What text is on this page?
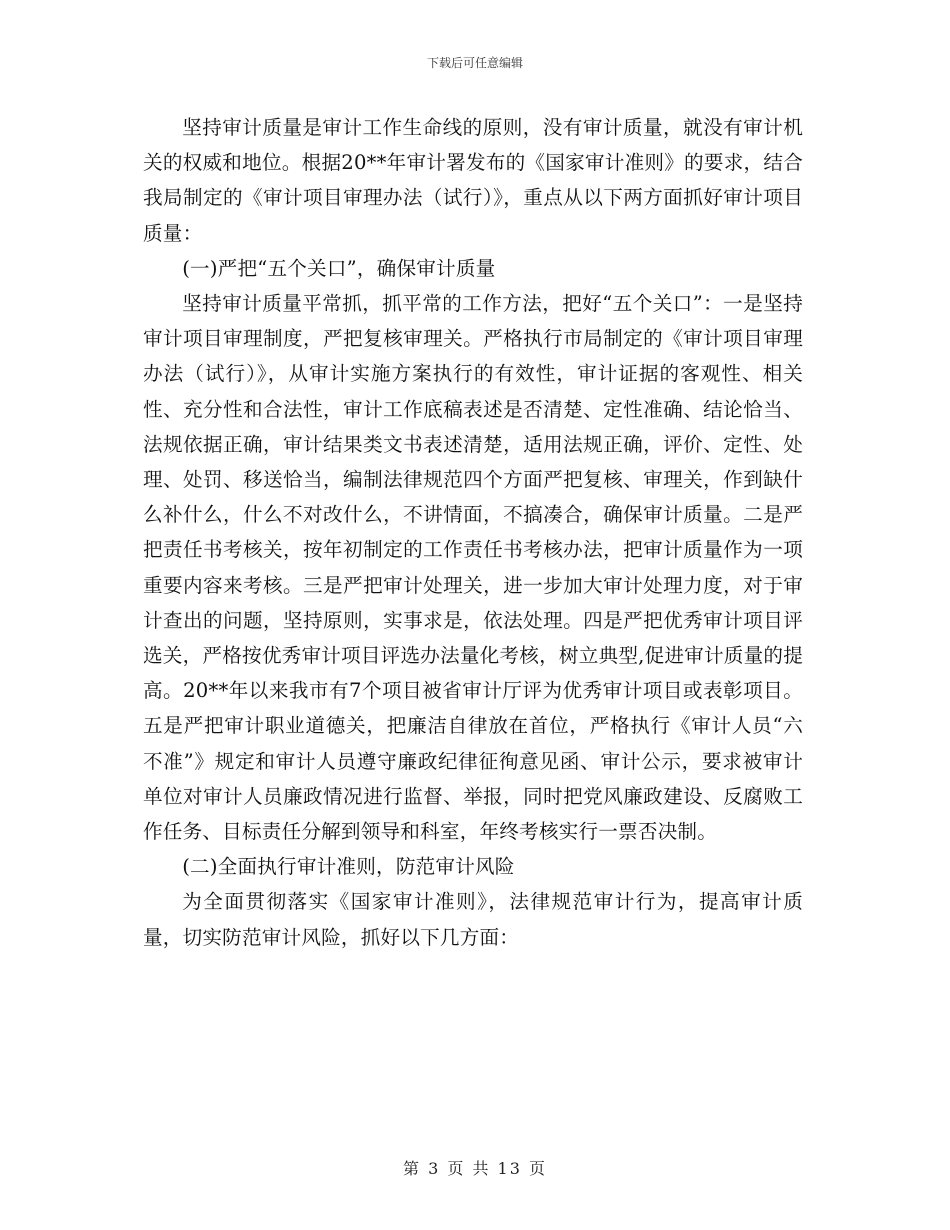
下载后可任意编辑

坚持审计质量是审计工作生命线的原则，没有审计质量，就没有审计机关的权威和地位。根据20**年审计署发布的《国家审计准则》的要求，结合我局制定的《审计项目审理办法（试行）》，重点从以下两方面抓好审计项目质量：

(一)严把“五个关口”，确保审计质量

坚持审计质量平常抓，抓平常的工作方法，把好“五个关口”：一是坚持审计项目审理制度，严把复核审理关。严格执行市局制定的《审计项目审理办法（试行）》，从审计实施方案执行的有效性，审计证据的客观性、相关性、充分性和合法性，审计工作底稿表述是否清楚、定性准确、结论恰当、法规依据正确，审计结果类文书表述清楚，适用法规正确，评价、定性、处理、处罚、移送恰当，编制法律规范四个方面严把复核、审理关，作到缺什么补什么，什么不对改什么，不讲情面，不搞凑合，确保审计质量。二是严把责任书考核关，按年初制定的工作责任书考核办法，把审计质量作为一项重要内容来考核。三是严把审计处理关，进一步加大审计处理力度，对于审计查出的问题，坚持原则，实事求是，依法处理。四是严把优秀审计项目评选关，严格按优秀审计项目评选办法量化考核，树立典型,促进审计质量的提高。20**年以来我市有7个项目被省审计厅评为优秀审计项目或表彰项目。五是严把审计职业道德关，把廉洁自律放在首位，严格执行《审计人员“六不准”》规定和审计人员遵守廉政纪律征徇意见函、审计公示，要求被审计单位对审计人员廉政情况进行监督、举报，同时把党风廉政建设、反腐败工作任务、目标责任分解到领导和科室，年终考核实行一票否决制。

(二)全面执行审计准则，防范审计风险

为全面贯彻落实《国家审计准则》，法律规范审计行为，提高审计质量，切实防范审计风险，抓好以下几方面：

第 3 页 共 13 页
